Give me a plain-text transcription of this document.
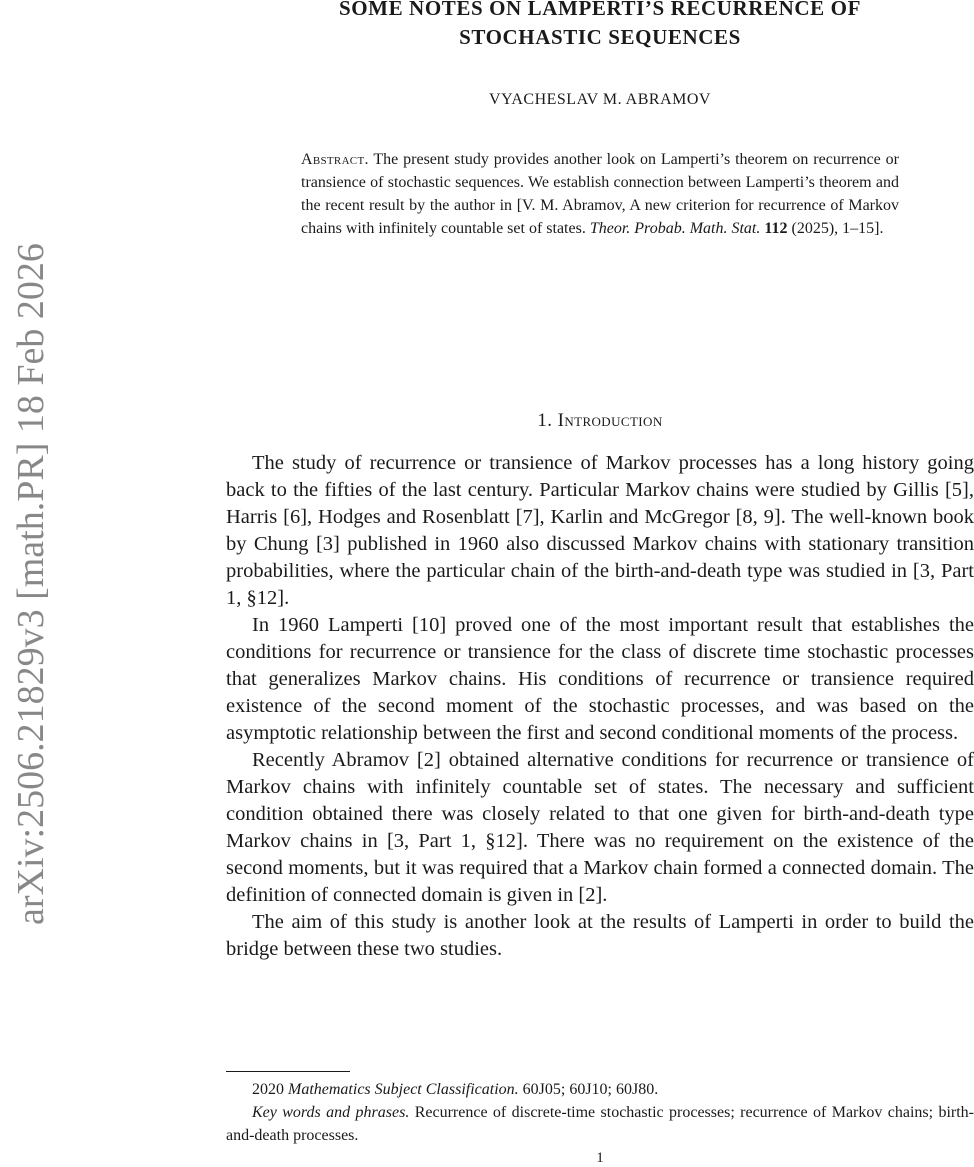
arXiv:2506.21829v3 [math.PR] 18 Feb 2026
SOME NOTES ON LAMPERTI’S RECURRENCE OF
STOCHASTIC SEQUENCES
VYACHESLAV M. ABRAMOV
Abstract. The present study provides another look on Lamperti’s theorem on recurrence or transience of stochastic sequences. We establish connection between Lamperti’s theorem and the recent result by the author in [V. M. Abramov, A new criterion for recurrence of Markov chains with infinitely countable set of states. Theor. Probab. Math. Stat. 112 (2025), 1–15].
1. Introduction

The study of recurrence or transience of Markov processes has a long history going back to the fifties of the last century. Particular Markov chains were studied by Gillis [5], Harris [6], Hodges and Rosenblatt [7], Karlin and McGregor [8, 9]. The well-known book by Chung [3] published in 1960 also discussed Markov chains with stationary transition probabilities, where the particular chain of the birth-and-death type was studied in [3, Part 1, §12].

In 1960 Lamperti [10] proved one of the most important result that establishes the conditions for recurrence or transience for the class of discrete time stochastic processes that generalizes Markov chains. His conditions of recurrence or transience required existence of the second moment of the stochastic processes, and was based on the asymptotic relationship between the first and second conditional moments of the process.

Recently Abramov [2] obtained alternative conditions for recurrence or transience of Markov chains with infinitely countable set of states. The necessary and sufficient condition obtained there was closely related to that one given for birth-and-death type Markov chains in [3, Part 1, §12]. There was no requirement on the existence of the second moments, but it was required that a Markov chain formed a connected domain. The definition of connected domain is given in [2].

The aim of this study is another look at the results of Lamperti in order to build the bridge between these two studies.

2020 Mathematics Subject Classification. 60J05; 60J10; 60J80.

Key words and phrases. Recurrence of discrete-time stochastic processes; recurrence of Markov chains; birth-and-death processes.

1
